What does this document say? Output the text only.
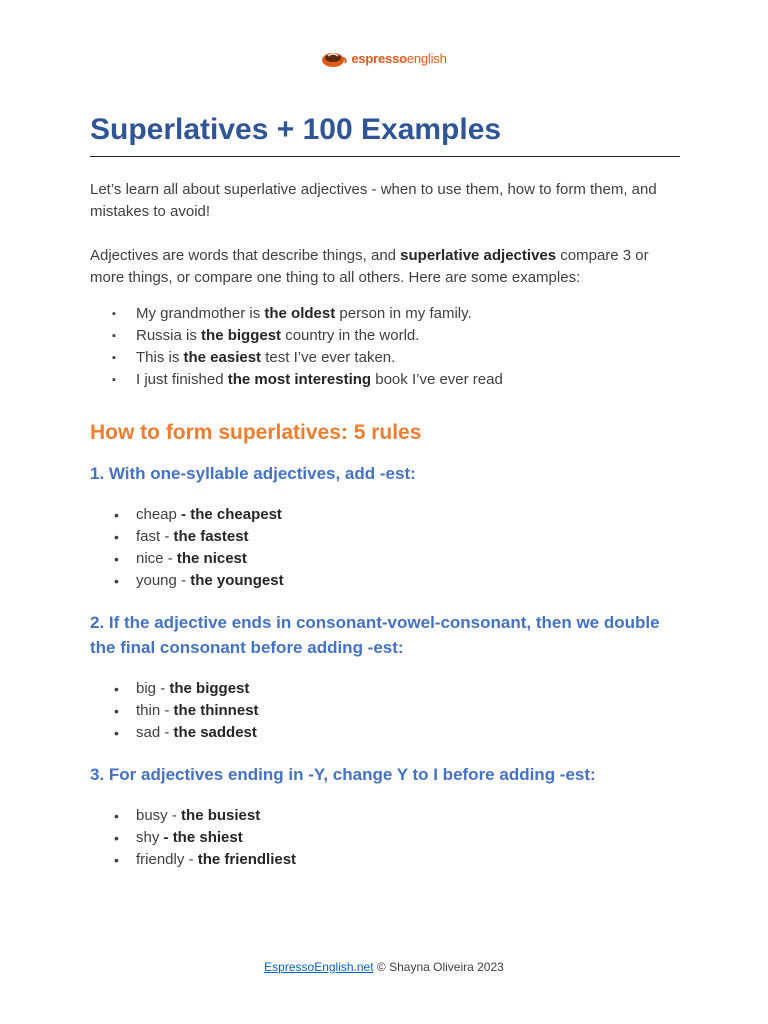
espressoenglish
Superlatives + 100 Examples

Let’s learn all about superlative adjectives - when to use them, how to form them, and mistakes to avoid!

Adjectives are words that describe things, and superlative adjectives compare 3 or more things, or compare one thing to all others. Here are some examples:

▪ My grandmother is the oldest person in my family.
▪ Russia is the biggest country in the world.
▪ This is the easiest test I’ve ever taken.
▪ I just finished the most interesting book I’ve ever read
How to form superlatives: 5 rules
1. With one-syllable adjectives, add -est:
• cheap - the cheapest
• fast - the fastest
• nice - the nicest
• young - the youngest
2. If the adjective ends in consonant-vowel-consonant, then we double the final consonant before adding -est:
• big - the biggest
• thin - the thinnest
• sad - the saddest
3. For adjectives ending in -Y, change Y to I before adding -est:
• busy - the busiest
• shy - the shiest
• friendly - the friendliest
EspressoEnglish.net © Shayna Oliveira 2023
